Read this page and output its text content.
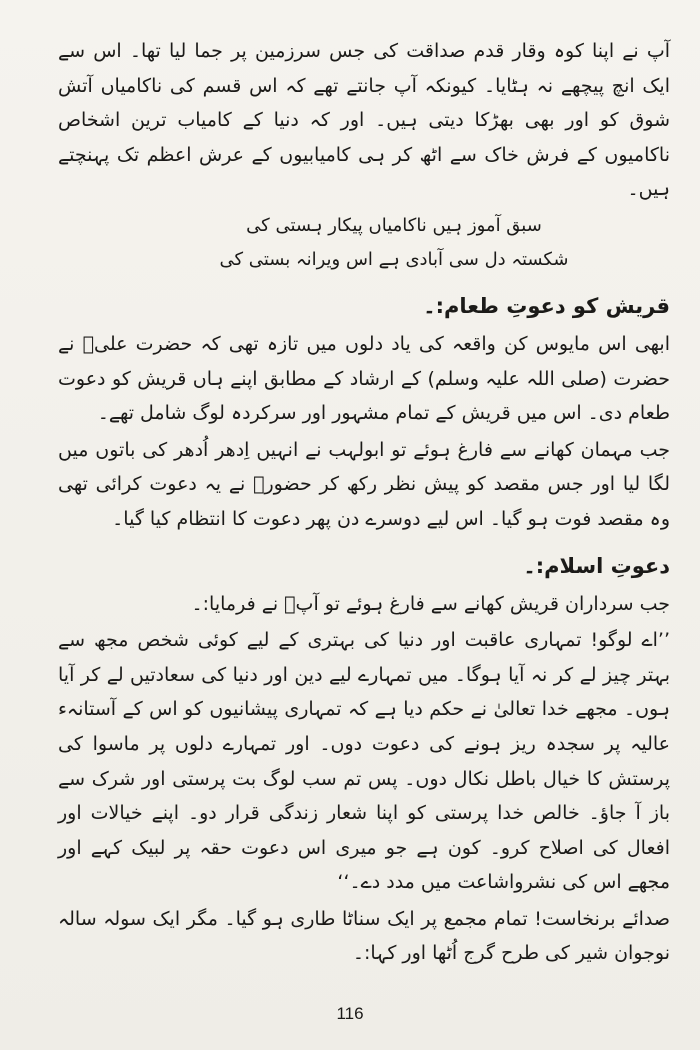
آپ نے اپنا کوہ وقار قدم صداقت کی جس سرزمین پر جما لیا تھا۔ اس سے ایک انچ پیچھے نہ ہٹایا۔ کیونکہ آپ جانتے تھے کہ اس قسم کی ناکامیاں آتش شوق کو اور بھی بھڑکا دیتی ہیں۔ اور کہ دنیا کے کامیاب ترین اشخاص ناکامیوں کے فرش خاک سے اٹھ کر ہی کامیابیوں کے عرش اعظم تک پہنچتے ہیں۔

سبق آموز ہیں ناکامیاں پیکار ہستی کی

شکستہ دل سی آبادی ہے اس ویرانہ بستی کی

قریش کو دعوتِ طعام:۔

ابھی اس مایوس کن واقعہ کی یاد دلوں میں تازہ تھی کہ حضرت علیؓ نے حضرت (صلی اللہ علیہ وسلم) کے ارشاد کے مطابق اپنے ہاں قریش کو دعوت طعام دی۔ اس میں قریش کے تمام مشہور اور سرکردہ لوگ شامل تھے۔

جب مہمان کھانے سے فارغ ہوئے تو ابولہب نے انہیں اِدھر اُدھر کی باتوں میں لگا لیا اور جس مقصد کو پیش نظر رکھ کر حضورؐ نے یہ دعوت کرائی تھی وہ مقصد فوت ہو گیا۔ اس لیے دوسرے دن پھر دعوت کا انتظام کیا گیا۔

دعوتِ اسلام:۔

جب سرداران قریش کھانے سے فارغ ہوئے تو آپؐ نے فرمایا:۔

’’اے لوگو! تمہاری عاقبت اور دنیا کی بہتری کے لیے کوئی شخص مجھ سے بہتر چیز لے کر نہ آیا ہوگا۔ میں تمہارے لیے دین اور دنیا کی سعادتیں لے کر آیا ہوں۔ مجھے خدا تعالیٰ نے حکم دیا ہے کہ تمہاری پیشانیوں کو اس کے آستانہء عالیہ پر سجدہ ریز ہونے کی دعوت دوں۔ اور تمہارے دلوں پر ماسوا کی پرستش کا خیال باطل نکال دوں۔ پس تم سب لوگ بت پرستی اور شرک سے باز آ جاؤ۔ خالص خدا پرستی کو اپنا شعار زندگی قرار دو۔ اپنے خیالات اور افعال کی اصلاح کرو۔ کون ہے جو میری اس دعوت حقہ پر لبیک کہے اور مجھے اس کی نشرواشاعت میں مدد دے۔‘‘

صدائے برنخاست! تمام مجمع پر ایک سناٹا طاری ہو گیا۔ مگر ایک سولہ سالہ نوجوان شیر کی طرح گرج اُٹھا اور کہا:۔

116
